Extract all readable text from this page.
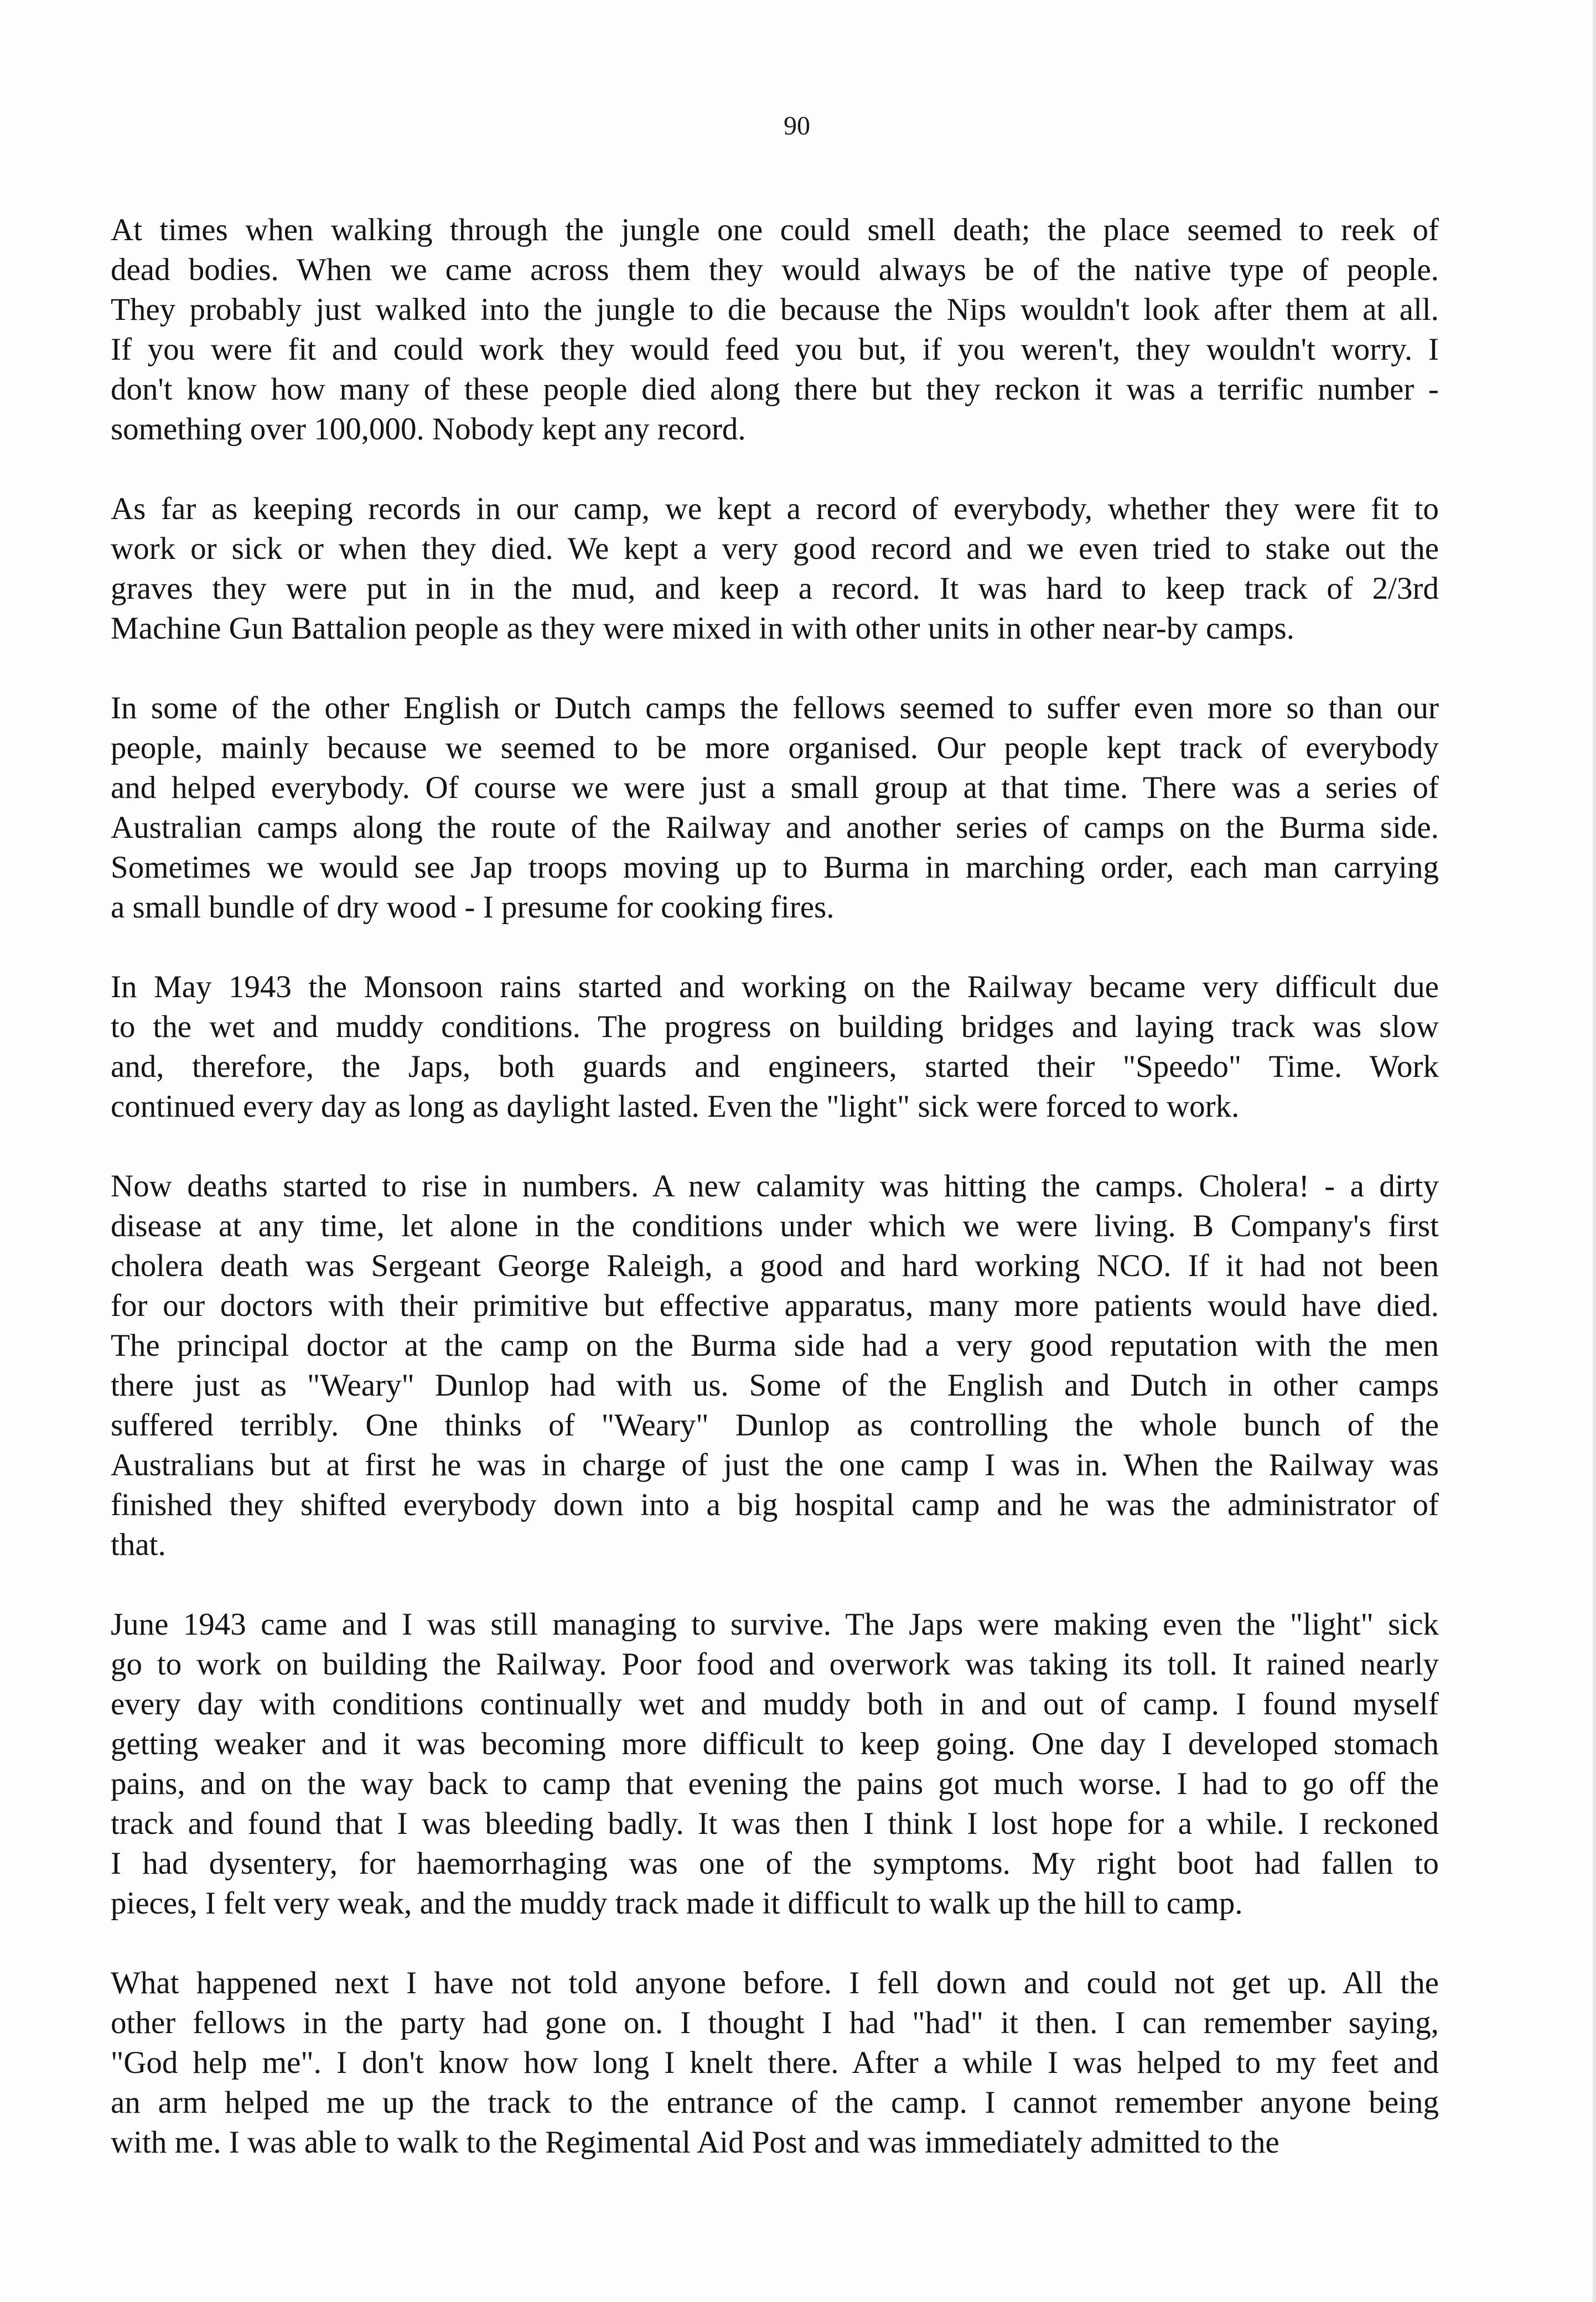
90
At times when walking through the jungle one could smell death; the place seemed to reek of
dead bodies. When we came across them they would always be of the native type of people.
They probably just walked into the jungle to die because the Nips wouldn't look after them at all.
If you were fit and could work they would feed you but, if you weren't, they wouldn't worry. I
don't know how many of these people died along there but they reckon it was a terrific number -
something over 100,000. Nobody kept any record.
As far as keeping records in our camp, we kept a record of everybody, whether they were fit to
work or sick or when they died. We kept a very good record and we even tried to stake out the
graves they were put in in the mud, and keep a record. It was hard to keep track of 2/3rd
Machine Gun Battalion people as they were mixed in with other units in other near-by camps.
In some of the other English or Dutch camps the fellows seemed to suffer even more so than our
people, mainly because we seemed to be more organised. Our people kept track of everybody
and helped everybody. Of course we were just a small group at that time. There was a series of
Australian camps along the route of the Railway and another series of camps on the Burma side.
Sometimes we would see Jap troops moving up to Burma in marching order, each man carrying
a small bundle of dry wood - I presume for cooking fires.
In May 1943 the Monsoon rains started and working on the Railway became very difficult due
to the wet and muddy conditions. The progress on building bridges and laying track was slow
and, therefore, the Japs, both guards and engineers, started their "Speedo" Time. Work
continued every day as long as daylight lasted. Even the "light" sick were forced to work.
Now deaths started to rise in numbers. A new calamity was hitting the camps. Cholera! - a dirty
disease at any time, let alone in the conditions under which we were living. B Company's first
cholera death was Sergeant George Raleigh, a good and hard working NCO. If it had not been
for our doctors with their primitive but effective apparatus, many more patients would have died.
The principal doctor at the camp on the Burma side had a very good reputation with the men
there just as "Weary" Dunlop had with us. Some of the English and Dutch in other camps
suffered terribly. One thinks of "Weary" Dunlop as controlling the whole bunch of the
Australians but at first he was in charge of just the one camp I was in. When the Railway was
finished they shifted everybody down into a big hospital camp and he was the administrator of
that.
June 1943 came and I was still managing to survive. The Japs were making even the "light" sick
go to work on building the Railway. Poor food and overwork was taking its toll. It rained nearly
every day with conditions continually wet and muddy both in and out of camp. I found myself
getting weaker and it was becoming more difficult to keep going. One day I developed stomach
pains, and on the way back to camp that evening the pains got much worse. I had to go off the
track and found that I was bleeding badly. It was then I think I lost hope for a while. I reckoned
I had dysentery, for haemorrhaging was one of the symptoms. My right boot had fallen to
pieces, I felt very weak, and the muddy track made it difficult to walk up the hill to camp.
What happened next I have not told anyone before. I fell down and could not get up. All the
other fellows in the party had gone on. I thought I had "had" it then. I can remember saying,
"God help me". I don't know how long I knelt there. After a while I was helped to my feet and
an arm helped me up the track to the entrance of the camp. I cannot remember anyone being
with me. I was able to walk to the Regimental Aid Post and was immediately admitted to the
